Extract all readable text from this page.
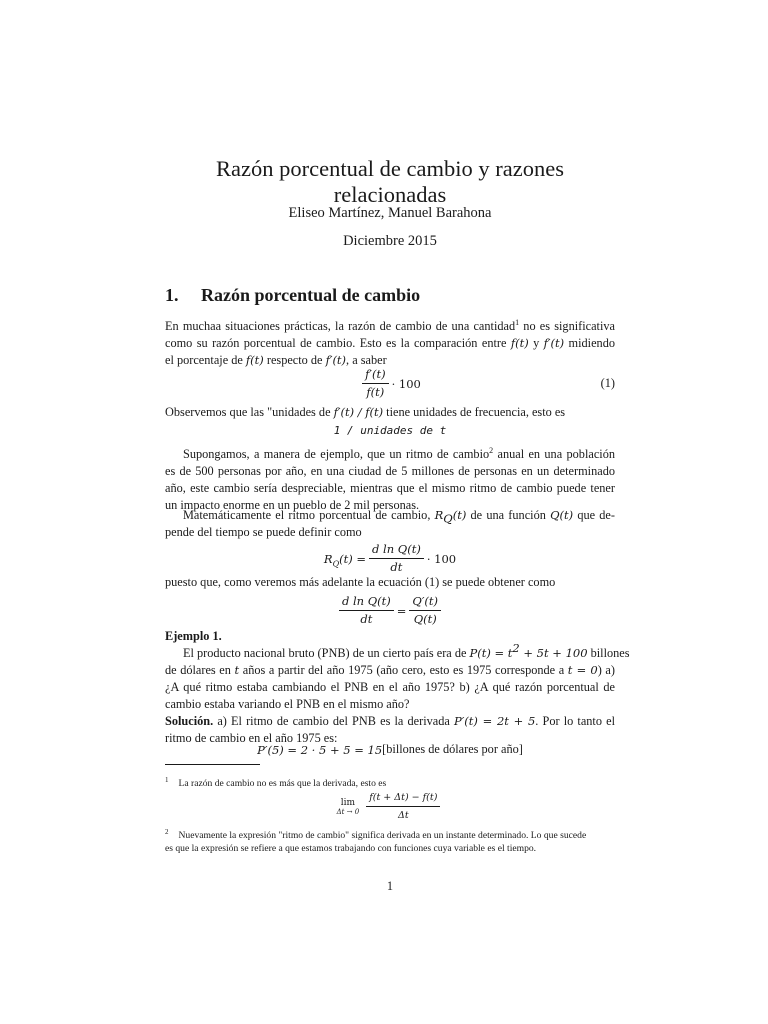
Razón porcentual de cambio y razones relacionadas
Eliseo Martínez, Manuel Barahona
Diciembre 2015
1. Razón porcentual de cambio
En muchaa situaciones prácticas, la razón de cambio de una cantidad$^1$ no es significativa
como su razón porcentual de cambio. Esto es la comparación entre f(t) y f′(t) midiendo
el porcentaje de f(t) respecto de f′(t), a saber
$\frac{f'(t)}{f(t)} \cdot 100$	(1)
Observemos que las "unidades de f′(t) / f(t) tiene unidades de frecuencia, esto es
1 / unidades de t
Supongamos, a manera de ejemplo, que un ritmo de cambio$^2$ anual en una población
es de 500 personas por año, en una ciudad de 5 millones de personas en un determinado
año, este cambio sería despreciable, mientras que el mismo ritmo de cambio puede tener
un impacto enorme en un pueblo de 2 mil personas.
Matemáticamente el ritmo porcentual de cambio, $R_Q(t)$ de una función Q(t) que de-
pende del tiempo se puede definir como
$R_Q(t) = \frac{\text{d ln Q(t)}}{dt} \cdot 100$
puesto que, como veremos más adelante la ecuación (1) se puede obtener como
$\frac{\text{d ln Q(t)}}{dt} = \frac{Q'(t)}{Q(t)}$
Ejemplo 1.
El producto nacional bruto (PNB) de un cierto país era de $P(t) = t^2 + 5t + 100$ billones
de dólares en t años a partir del año 1975 (año cero, esto es 1975 corresponde a t = 0) a)
¿A qué ritmo estaba cambiando el PNB en el año 1975? b) ¿A qué razón porcentual de
cambio estaba variando el PNB en el mismo año?
Solución. a) El ritmo de cambio del PNB es la derivada P′(t) = 2t + 5. Por lo tanto el
ritmo de cambio en el año 1975 es:
P′(5) = 2 · 5 + 5 = 15 [billones de dólares por año]
$^1$ La razón de cambio no es más que la derivada, esto es
lim
$\Delta t \to 0 \frac{f(t + \Delta t) - f(t)}{\Delta t}$
$^2$ Nuevamente la expresión "ritmo de cambio" significa derivada en un instante determinado. Lo que sucede
es que la expresión se refiere a que estamos trabajando con funciones cuya variable es el tiempo.
1
